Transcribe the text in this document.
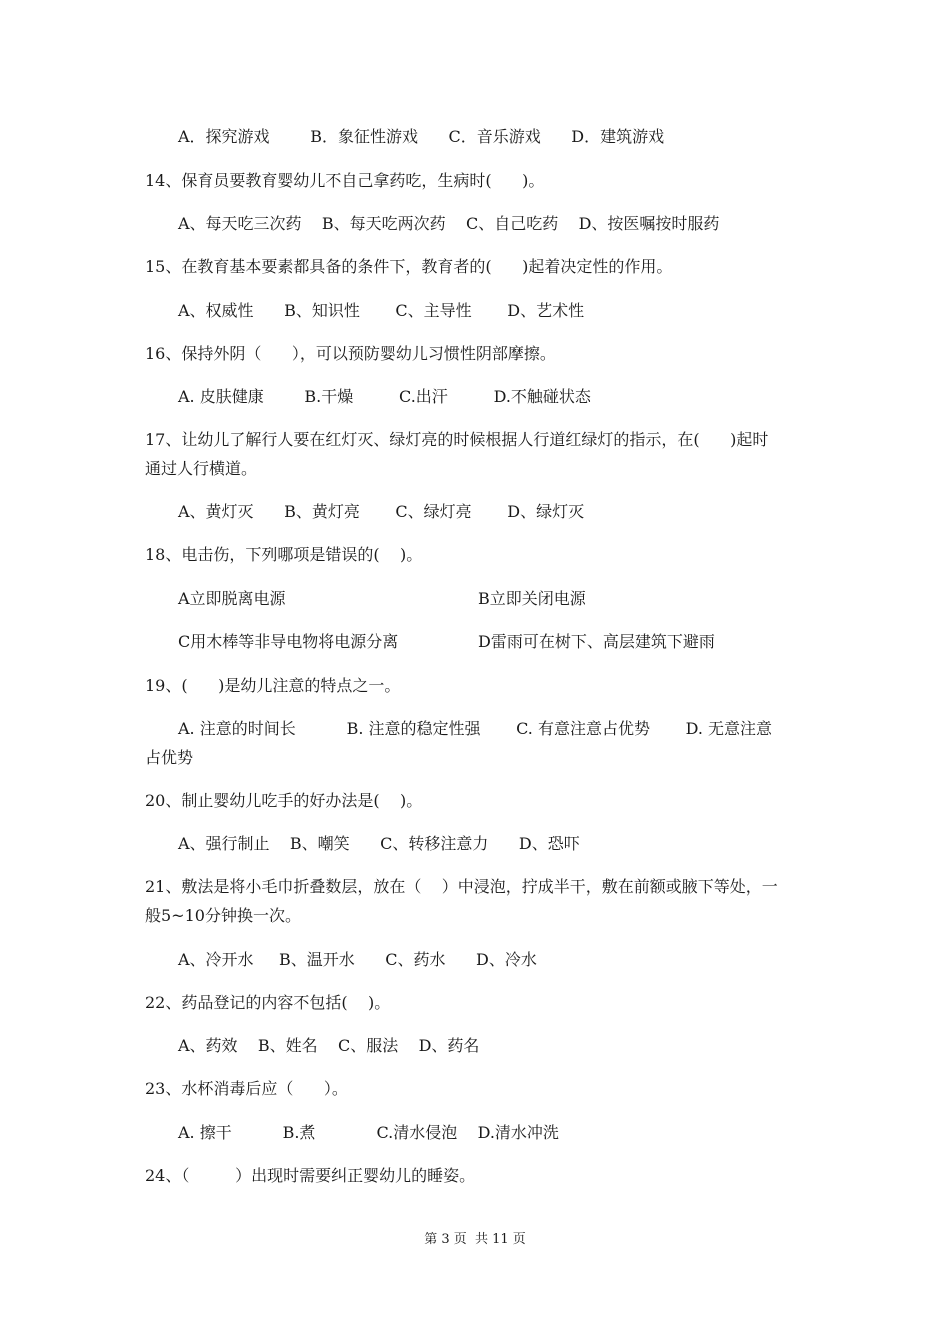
A．探究游戏        B．象征性游戏      C．音乐游戏      D．建筑游戏
14、保育员要教育婴幼儿不自己拿药吃，生病时(      )。
A、每天吃三次药    B、每天吃两次药    C、自己吃药    D、按医嘱按时服药
15、在教育基本要素都具备的条件下，教育者的(      )起着决定性的作用。
A、权威性      B、知识性       C、主导性       D、艺术性
16、保持外阴（      ），可以预防婴幼儿习惯性阴部摩擦。
A. 皮肤健康        B.干燥         C.出汗         D.不触碰状态
17、让幼儿了解行人要在红灯灭、绿灯亮的时候根据人行道红绿灯的指示，在(      )起时
通过人行横道。
A、黄灯灭      B、黄灯亮       C、绿灯亮       D、绿灯灭
18、电击伤，下列哪项是错误的(    )。
A立即脱离电源	B立即关闭电源
C用木棒等非导电物将电源分离	D雷雨可在树下、高层建筑下避雨
19、(      )是幼儿注意的特点之一。
A. 注意的时间长          B. 注意的稳定性强       C. 有意注意占优势       D. 无意注意
占优势
20、制止婴幼儿吃手的好办法是(    )。
A、强行制止    B、嘲笑      C、转移注意力      D、恐吓
21、敷法是将小毛巾折叠数层，放在（    ）中浸泡，拧成半干，敷在前额或腋下等处，一
般5~10分钟换一次。
A、冷开水     B、温开水      C、药水      D、冷水
22、药品登记的内容不包括(    )。
A、药效    B、姓名    C、服法    D、药名
23、水杯消毒后应（      ）。
A. 擦干          B.煮            C.清水侵泡    D.清水冲洗
24、（         ）出现时需要纠正婴幼儿的睡姿。
第 3 页  共 11 页
